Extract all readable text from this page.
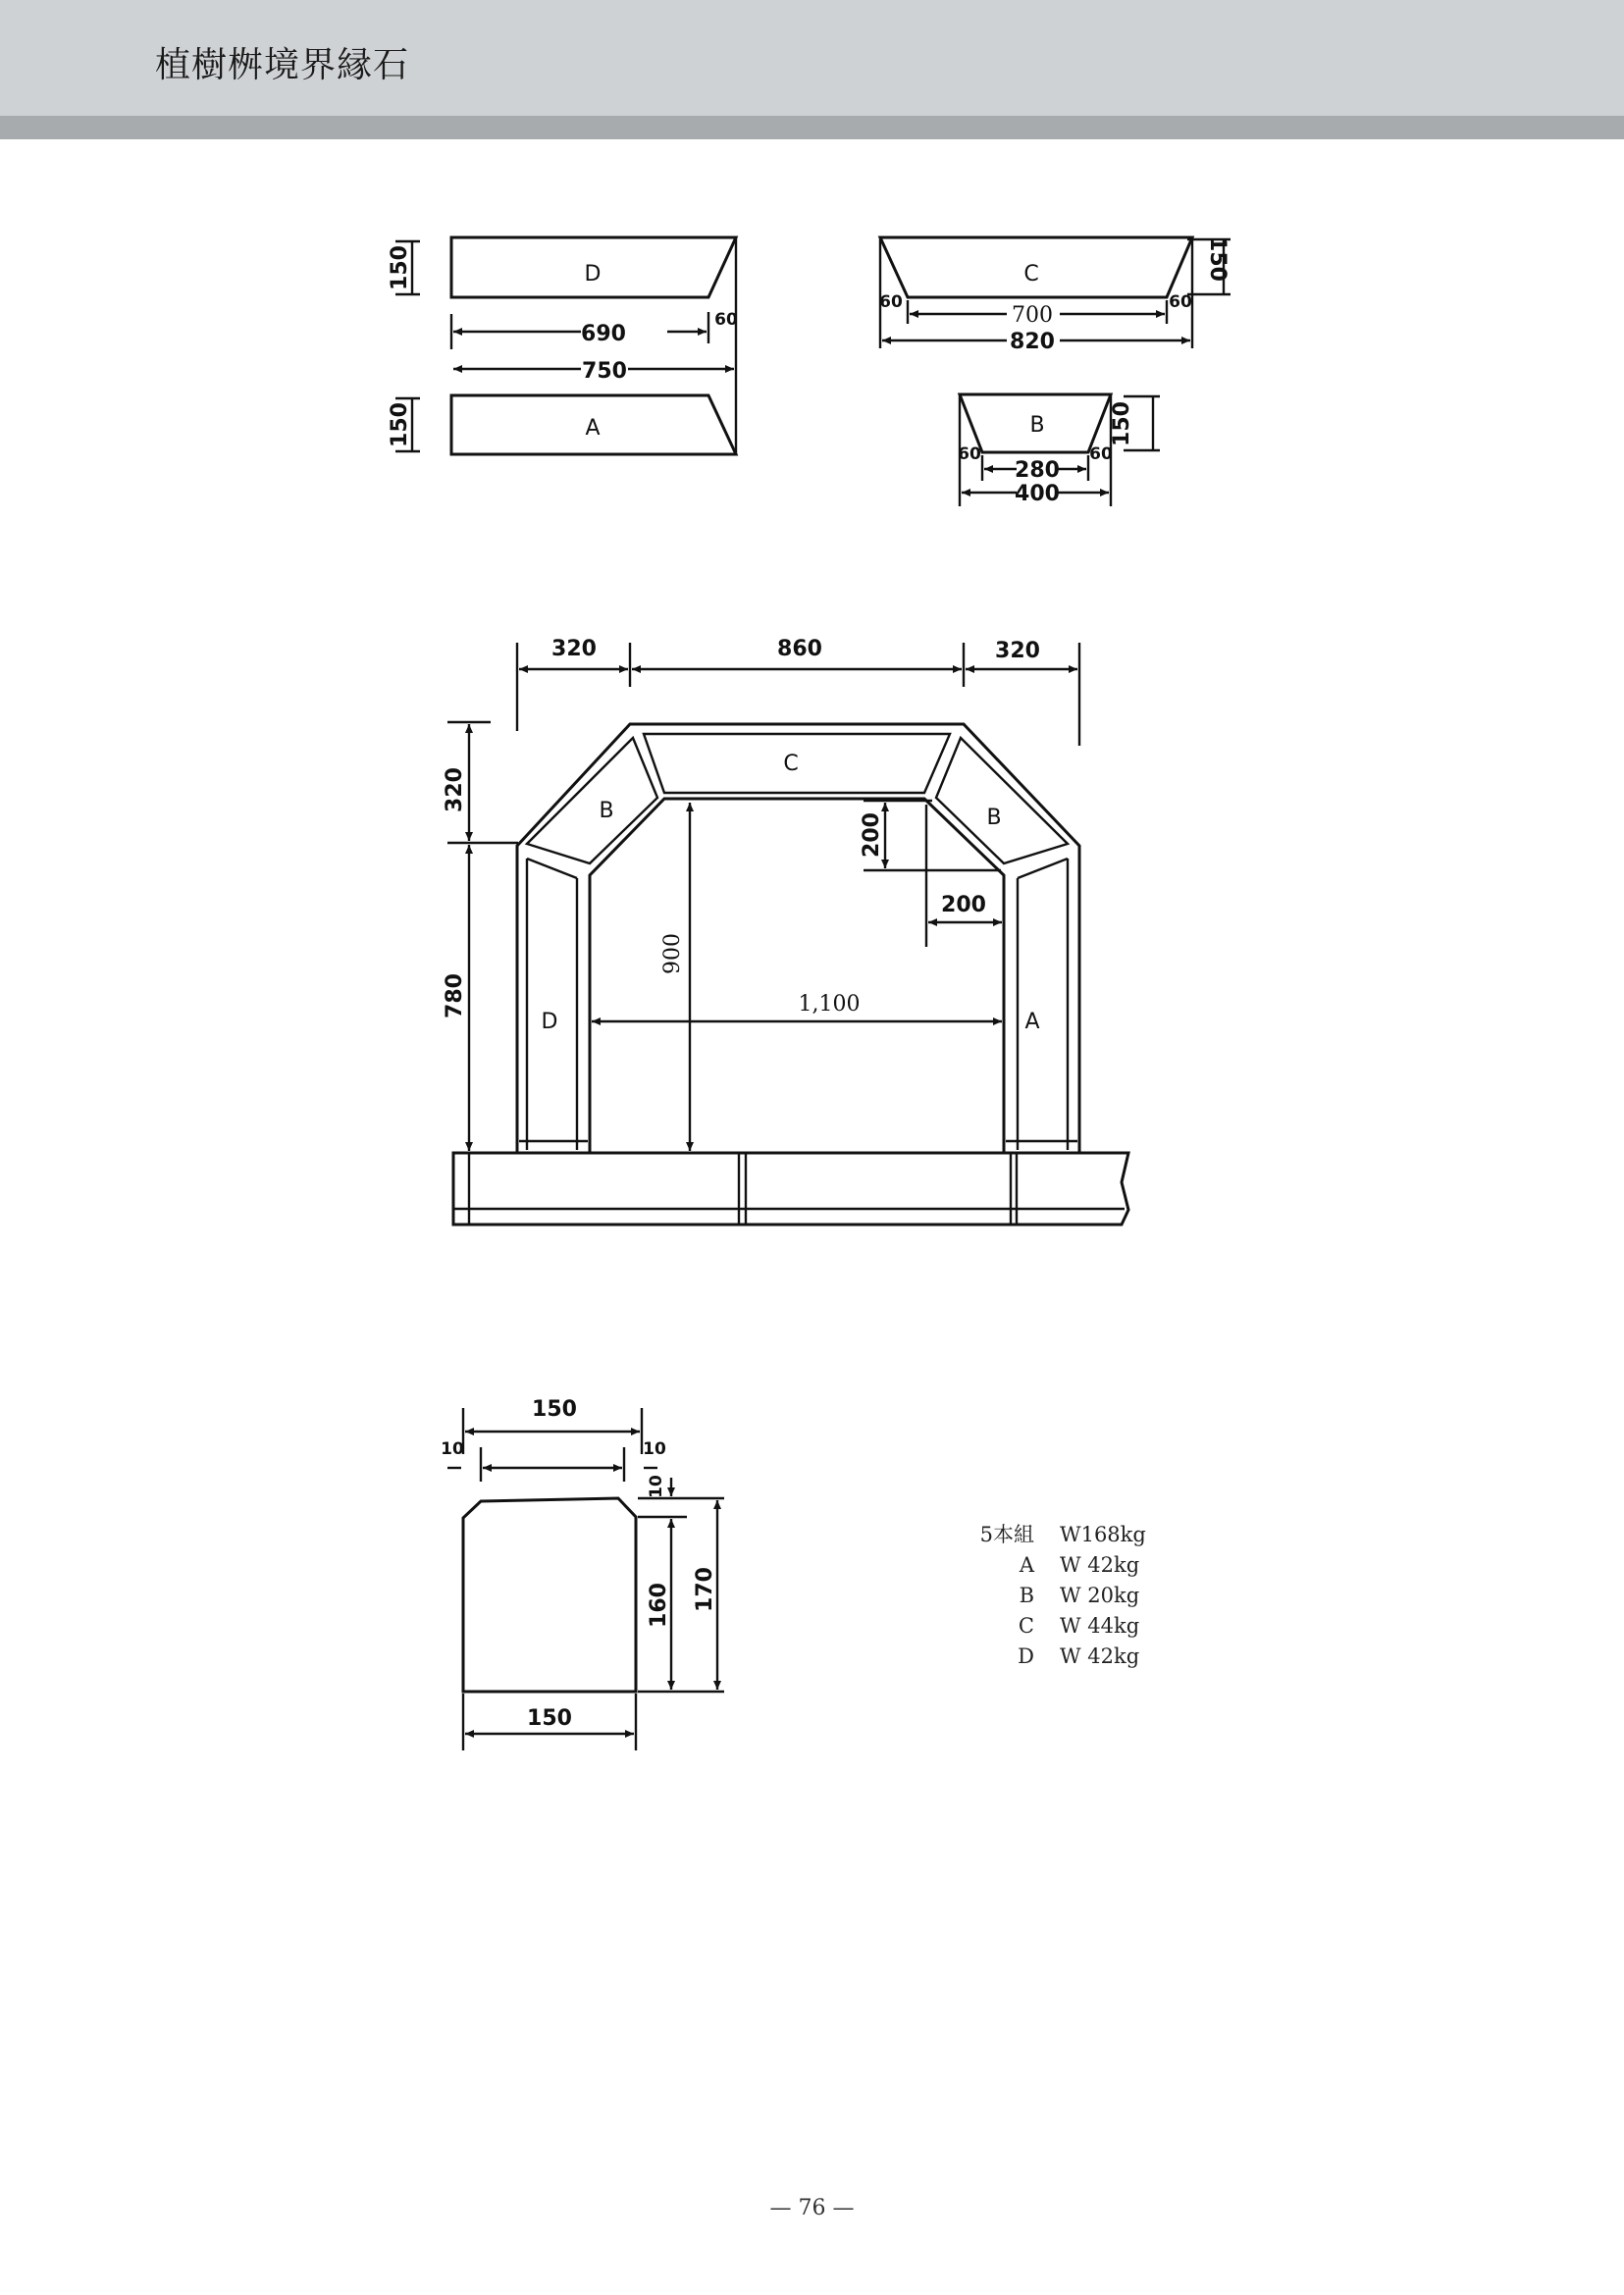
植樹桝境界縁石
D
150
690
60
750
A
150
C	150
700
60	60
820
B	150
280
60	60
400
320	860	320
320
780
C
B	B
D	A
900
1,100
200
200
150
10	10
10
160 170
150
5本組 W168kg
A W 42kg
B W 20kg
C W 44kg
D W 42kg
— 76 —
